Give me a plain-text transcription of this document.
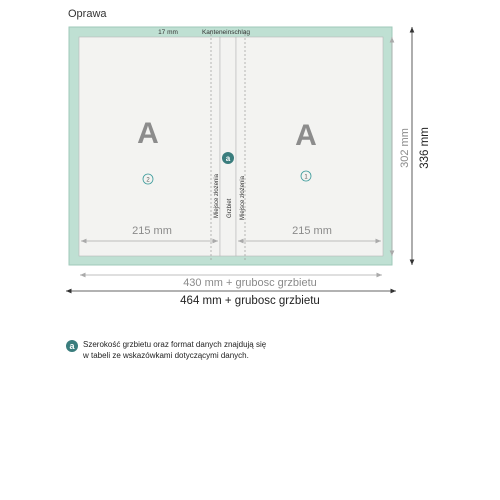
Oprawa
17 mm	Kanteneinschlag
A	A
2	1
a
Miejsce złożenia Grzbiet Miejsce złożenia
215 mm	215 mm
430 mm + grubosc grzbietu
464 mm + grubosc grzbietu
302 mm 336 mm
a	Szerokość grzbietu oraz format danych znajdują się
w tabeli ze wskazówkami dotyczącymi danych.
